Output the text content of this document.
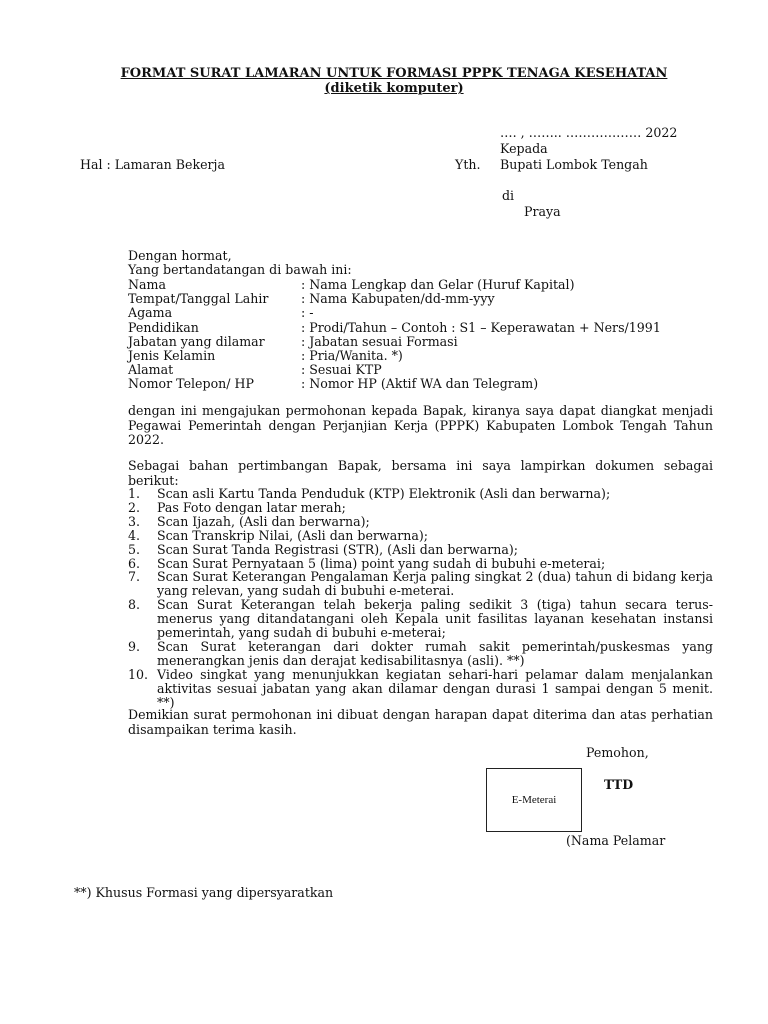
FORMAT SURAT LAMARAN UNTUK FORMASI PPPK TENAGA KESEHATAN
(diketik komputer)
…. , …….. ……………… 2022
Kepada
Hal : Lamaran Bekerja	Yth. Bupati Lombok Tengah
di
Praya
Dengan hormat,
Yang bertandatangan di bawah ini:
Nama	: Nama Lengkap dan Gelar (Huruf Kapital)
Tempat/Tanggal Lahir	: Nama Kabupaten/dd-mm-yyy
Agama	: -
Pendidikan	: Prodi/Tahun – Contoh : S1 – Keperawatan + Ners/1991
Jabatan yang dilamar	: Jabatan sesuai Formasi
Jenis Kelamin	: Pria/Wanita. *)
Alamat	: Sesuai KTP
Nomor Telepon/ HP	: Nomor HP (Aktif WA dan Telegram)
dengan ini mengajukan permohonan kepada Bapak, kiranya saya dapat diangkat menjadi Pegawai Pemerintah dengan Perjanjian Kerja (PPPK) Kabupaten Lombok Tengah Tahun 2022.
Sebagai bahan pertimbangan Bapak, bersama ini saya lampirkan dokumen sebagai berikut:
1.	Scan asli Kartu Tanda Penduduk (KTP) Elektronik (Asli dan berwarna);
2.	Pas Foto dengan latar merah;
3.	Scan Ijazah, (Asli dan berwarna);
4.	Scan Transkrip Nilai, (Asli dan berwarna);
5.	Scan Surat Tanda Registrasi (STR), (Asli dan berwarna);
6.	Scan Surat Pernyataan 5 (lima) point yang sudah di bubuhi e-meterai;
7.	Scan Surat Keterangan Pengalaman Kerja paling singkat 2 (dua) tahun di bidang kerja yang relevan, yang sudah di bubuhi e-meterai.
8.	Scan Surat Keterangan telah bekerja paling sedikit 3 (tiga) tahun secara terus- menerus yang ditandatangani oleh Kepala unit fasilitas layanan kesehatan instansi pemerintah, yang sudah di bubuhi e-meterai;
9.	Scan Surat keterangan dari dokter rumah sakit pemerintah/puskesmas yang menerangkan jenis dan derajat kedisabilitasnya (asli). **)
10. Video singkat yang menunjukkan kegiatan sehari-hari pelamar dalam menjalankan aktivitas sesuai jabatan yang akan dilamar dengan durasi 1 sampai dengan 5 menit. **)
Demikian surat permohonan ini dibuat dengan harapan dapat diterima dan atas perhatian disampaikan terima kasih.
Pemohon,
E-Meterai
TTD
(Nama Pelamar
**) Khusus Formasi yang dipersyaratkan
